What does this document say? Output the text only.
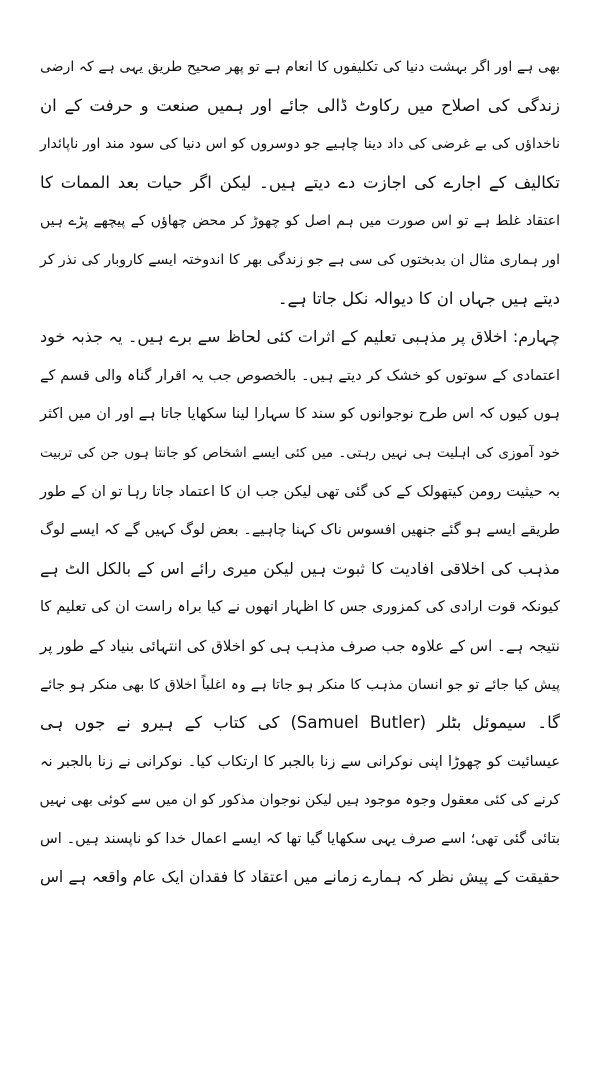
بھی ہے اور اگر بہشت دنیا کی تکلیفوں کا انعام ہے تو پھر صحیح طریق یہی ہے کہ ارضی
زندگی کی اصلاح میں رکاوٹ ڈالی جائے اور ہمیں صنعت و حرفت کے ان
ناخداؤں کی بے غرضی کی داد دینا چاہیے جو دوسروں کو اس دنیا کی سود مند اور ناپائدار
تکالیف کے اجارے کی اجازت دے دیتے ہیں۔ لیکن اگر حیات بعد الممات کا
اعتقاد غلط ہے تو اس صورت میں ہم اصل کو چھوڑ کر محض چھاؤں کے پیچھے پڑے ہیں
اور ہماری مثال ان بدبختوں کی سی ہے جو زندگی بھر کا اندوختہ ایسے کاروبار کی نذر کر
دیتے ہیں جہاں ان کا دیوالہ نکل جاتا ہے۔
چہارم: اخلاق پر مذہبی تعلیم کے اثرات کئی لحاظ سے برے ہیں۔ یہ جذبہ خود
اعتمادی کے سوتوں کو خشک کر دیتے ہیں۔ بالخصوص جب یہ اقرار گناہ والی قسم کے
ہوں کیوں کہ اس طرح نوجوانوں کو سند کا سہارا لینا سکھایا جاتا ہے اور ان میں اکثر
خود آموزی کی اہلیت ہی نہیں رہتی۔ میں کئی ایسے اشخاص کو جانتا ہوں جن کی تربیت
بہ حیثیت رومن کیتھولک کے کی گئی تھی لیکن جب ان کا اعتماد جاتا رہا تو ان کے طور
طریقے ایسے ہو گئے جنھیں افسوس ناک کہنا چاہیے۔ بعض لوگ کہیں گے کہ ایسے لوگ
مذہب کی اخلاقی افادیت کا ثبوت ہیں لیکن میری رائے اس کے بالکل الٹ ہے
کیونکہ قوت ارادی کی کمزوری جس کا اظہار انھوں نے کیا براہ راست ان کی تعلیم کا
نتیجہ ہے۔ اس کے علاوہ جب صرف مذہب ہی کو اخلاق کی انتہائی بنیاد کے طور پر
پیش کیا جائے تو جو انسان مذہب کا منکر ہو جاتا ہے وہ اغلباً اخلاق کا بھی منکر ہو جائے
گا۔ سیموئل بٹلر (Samuel Butler) کی کتاب کے ہیرو نے جوں ہی
عیسائیت کو چھوڑا اپنی نوکرانی سے زنا بالجبر کا ارتکاب کیا۔ نوکرانی نے زنا بالجبر نہ
کرنے کی کئی معقول وجوہ موجود ہیں لیکن نوجوان مذکور کو ان میں سے کوئی بھی نہیں
بتائی گئی تھی؛ اسے صرف یہی سکھایا گیا تھا کہ ایسے اعمال خدا کو ناپسند ہیں۔ اس
حقیقت کے پیش نظر کہ ہمارے زمانے میں اعتقاد کا فقدان ایک عام واقعہ ہے اس
